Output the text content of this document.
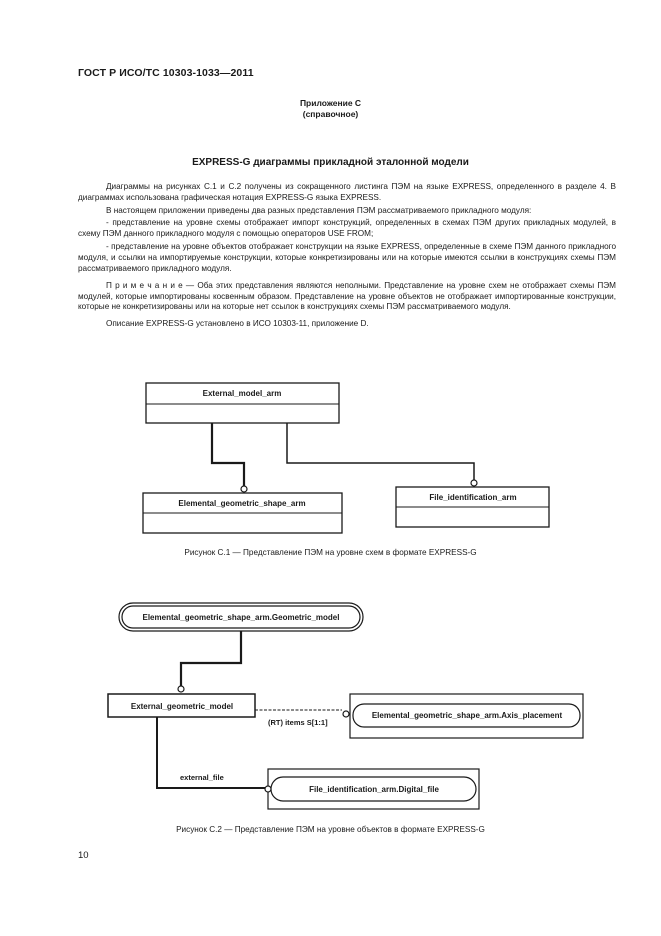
ГОСТ Р ИСО/ТС 10303-1033—2011
Приложение С
(справочное)
EXPRESS-G диаграммы прикладной эталонной модели

Диаграммы на рисунках С.1 и С.2 получены из сокращенного листинга ПЭМ на языке EXPRESS, определенного в разделе 4. В диаграммах использована графическая нотация EXPRESS-G языка EXPRESS.

В настоящем приложении приведены два разных представления ПЭМ рассматриваемого прикладного модуля:

- представление на уровне схемы отображает импорт конструкций, определенных в схемах ПЭМ других прикладных модулей, в схему ПЭМ данного прикладного модуля с помощью операторов USE FROM;

- представление на уровне объектов отображает конструкции на языке EXPRESS, определенные в схеме ПЭМ данного прикладного модуля, и ссылки на импортируемые конструкции, которые конкретизированы или на которые имеются ссылки в конструкциях схемы ПЭМ рассматриваемого прикладного модуля.

П р и м е ч а н и е — Оба этих представления являются неполными. Представление на уровне схем не отображает схемы ПЭМ модулей, которые импортированы косвенным образом. Представление на уровне объектов не отображает импортированные конструкции, которые не конкретизированы или на которые нет ссылок в конструкциях схемы ПЭМ рассматриваемого модуля.

Описание EXPRESS-G установлено в ИСО 10303-11, приложение D.

External_model_arm
Elemental_geometric_shape_arm
File_identification_arm
Elemental_geometric_shape_arm.Geometric_model
External_geometric_model
Elemental_geometric_shape_arm.Axis_placement
File_identification_arm.Digital_file
(RT) items S[1:1]
external_file
Рисунок С.1 — Представление ПЭМ на уровне схем в формате EXPRESS-G
Рисунок С.2 — Представление ПЭМ на уровне объектов в формате EXPRESS-G
10
